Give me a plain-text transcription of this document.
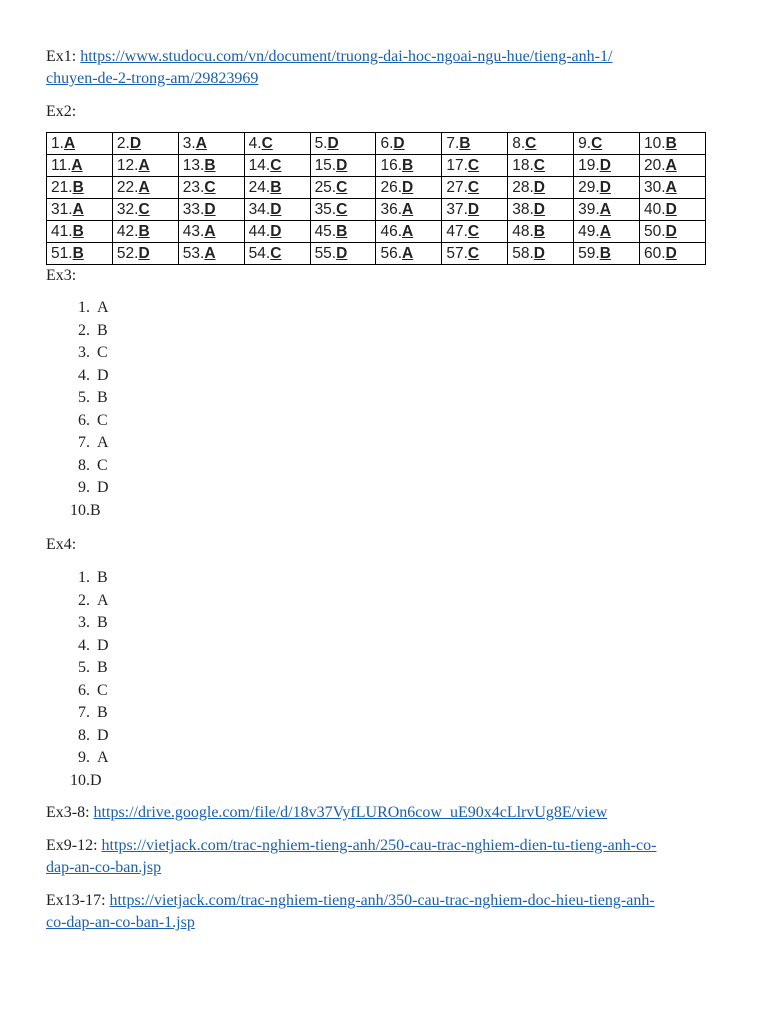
Ex1: https://www.studocu.com/vn/document/truong-dai-hoc-ngoai-ngu-hue/tieng-anh-1/
chuyen-de-2-trong-am/29823969

Ex2:

1.A	2.D	3.A	4.C	5.D	6.D	7.B	8.C	9.C	10.B
11.A	12.A	13.B	14.C	15.D	16.B	17.C	18.C	19.D	20.A
21.B	22.A	23.C	24.B	25.C	26.D	27.C	28.D	29.D	30.A
31.A	32.C	33.D	34.D	35.C	36.A	37.D	38.D	39.A	40.D
41.B	42.B	43.A	44.D	45.B	46.A	47.C	48.B	49.A	50.D
51.B	52.D	53.A	54.C	55.D	56.A	57.C	58.D	59.B	60.D

Ex3:

1. A
2. B
3. C
4. D
5. B
6. C
7. A
8. C
9. D
10. B

Ex4:

1. B
2. A
3. B
4. D
5. B
6. C
7. B
8. D
9. A
10. D

Ex3-8: https://drive.google.com/file/d/18v37VyfLUROn6cow_uE90x4cLlrvUg8E/view

Ex9-12: https://vietjack.com/trac-nghiem-tieng-anh/250-cau-trac-nghiem-dien-tu-tieng-anh-co-
dap-an-co-ban.jsp

Ex13-17: https://vietjack.com/trac-nghiem-tieng-anh/350-cau-trac-nghiem-doc-hieu-tieng-anh-
co-dap-an-co-ban-1.jsp
